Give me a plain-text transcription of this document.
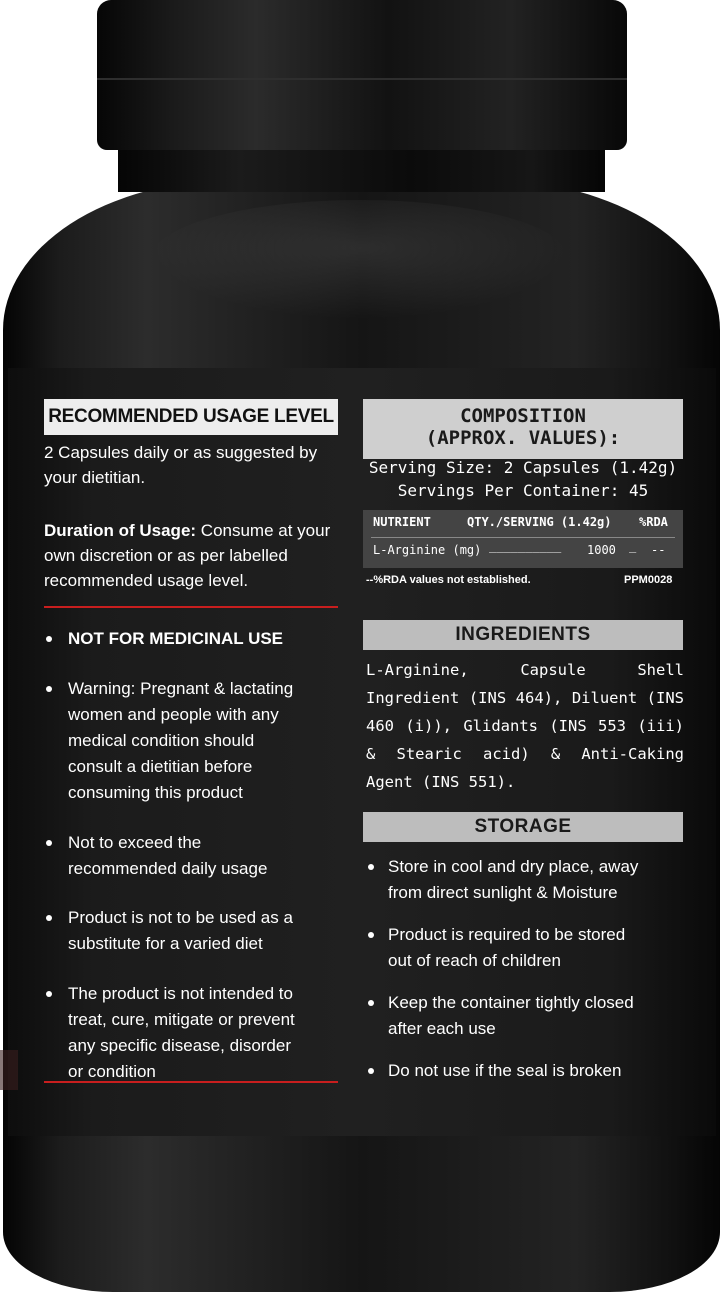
RECOMMENDED USAGE LEVEL
2 Capsules daily or as suggested by
your dietitian.
Duration of Usage: Consume at your
own discretion or as per labelled
recommended usage level.
NOT FOR MEDICINAL USE
Warning: Pregnant & lactating
women and people with any
medical condition should
consult a dietitian before
consuming this product
Not to exceed the
recommended daily usage
Product is not to be used as a
substitute for a varied diet
The product is not intended to
treat, cure, mitigate or prevent
any specific disease, disorder
or condition
COMPOSITION
(APPROX. VALUES):
Serving Size: 2 Capsules (1.42g)
Servings Per Container: 45
NUTRIENT	QTY./SERVING (1.42g) %RDA
L-Arginine (mg) __________ 1000 _ --
--%RDA values not established.	PPM0028
INGREDIENTS
L-Arginine, Capsule Shell Ingredient (INS 464), Diluent (INS 460 (i)), Glidants (INS 553 (iii) & Stearic acid) & Anti-Caking Agent (INS 551).
STORAGE
Store in cool and dry place, away
from direct sunlight & Moisture
Product is required to be stored
out of reach of children
Keep the container tightly closed
after each use
Do not use if the seal is broken
